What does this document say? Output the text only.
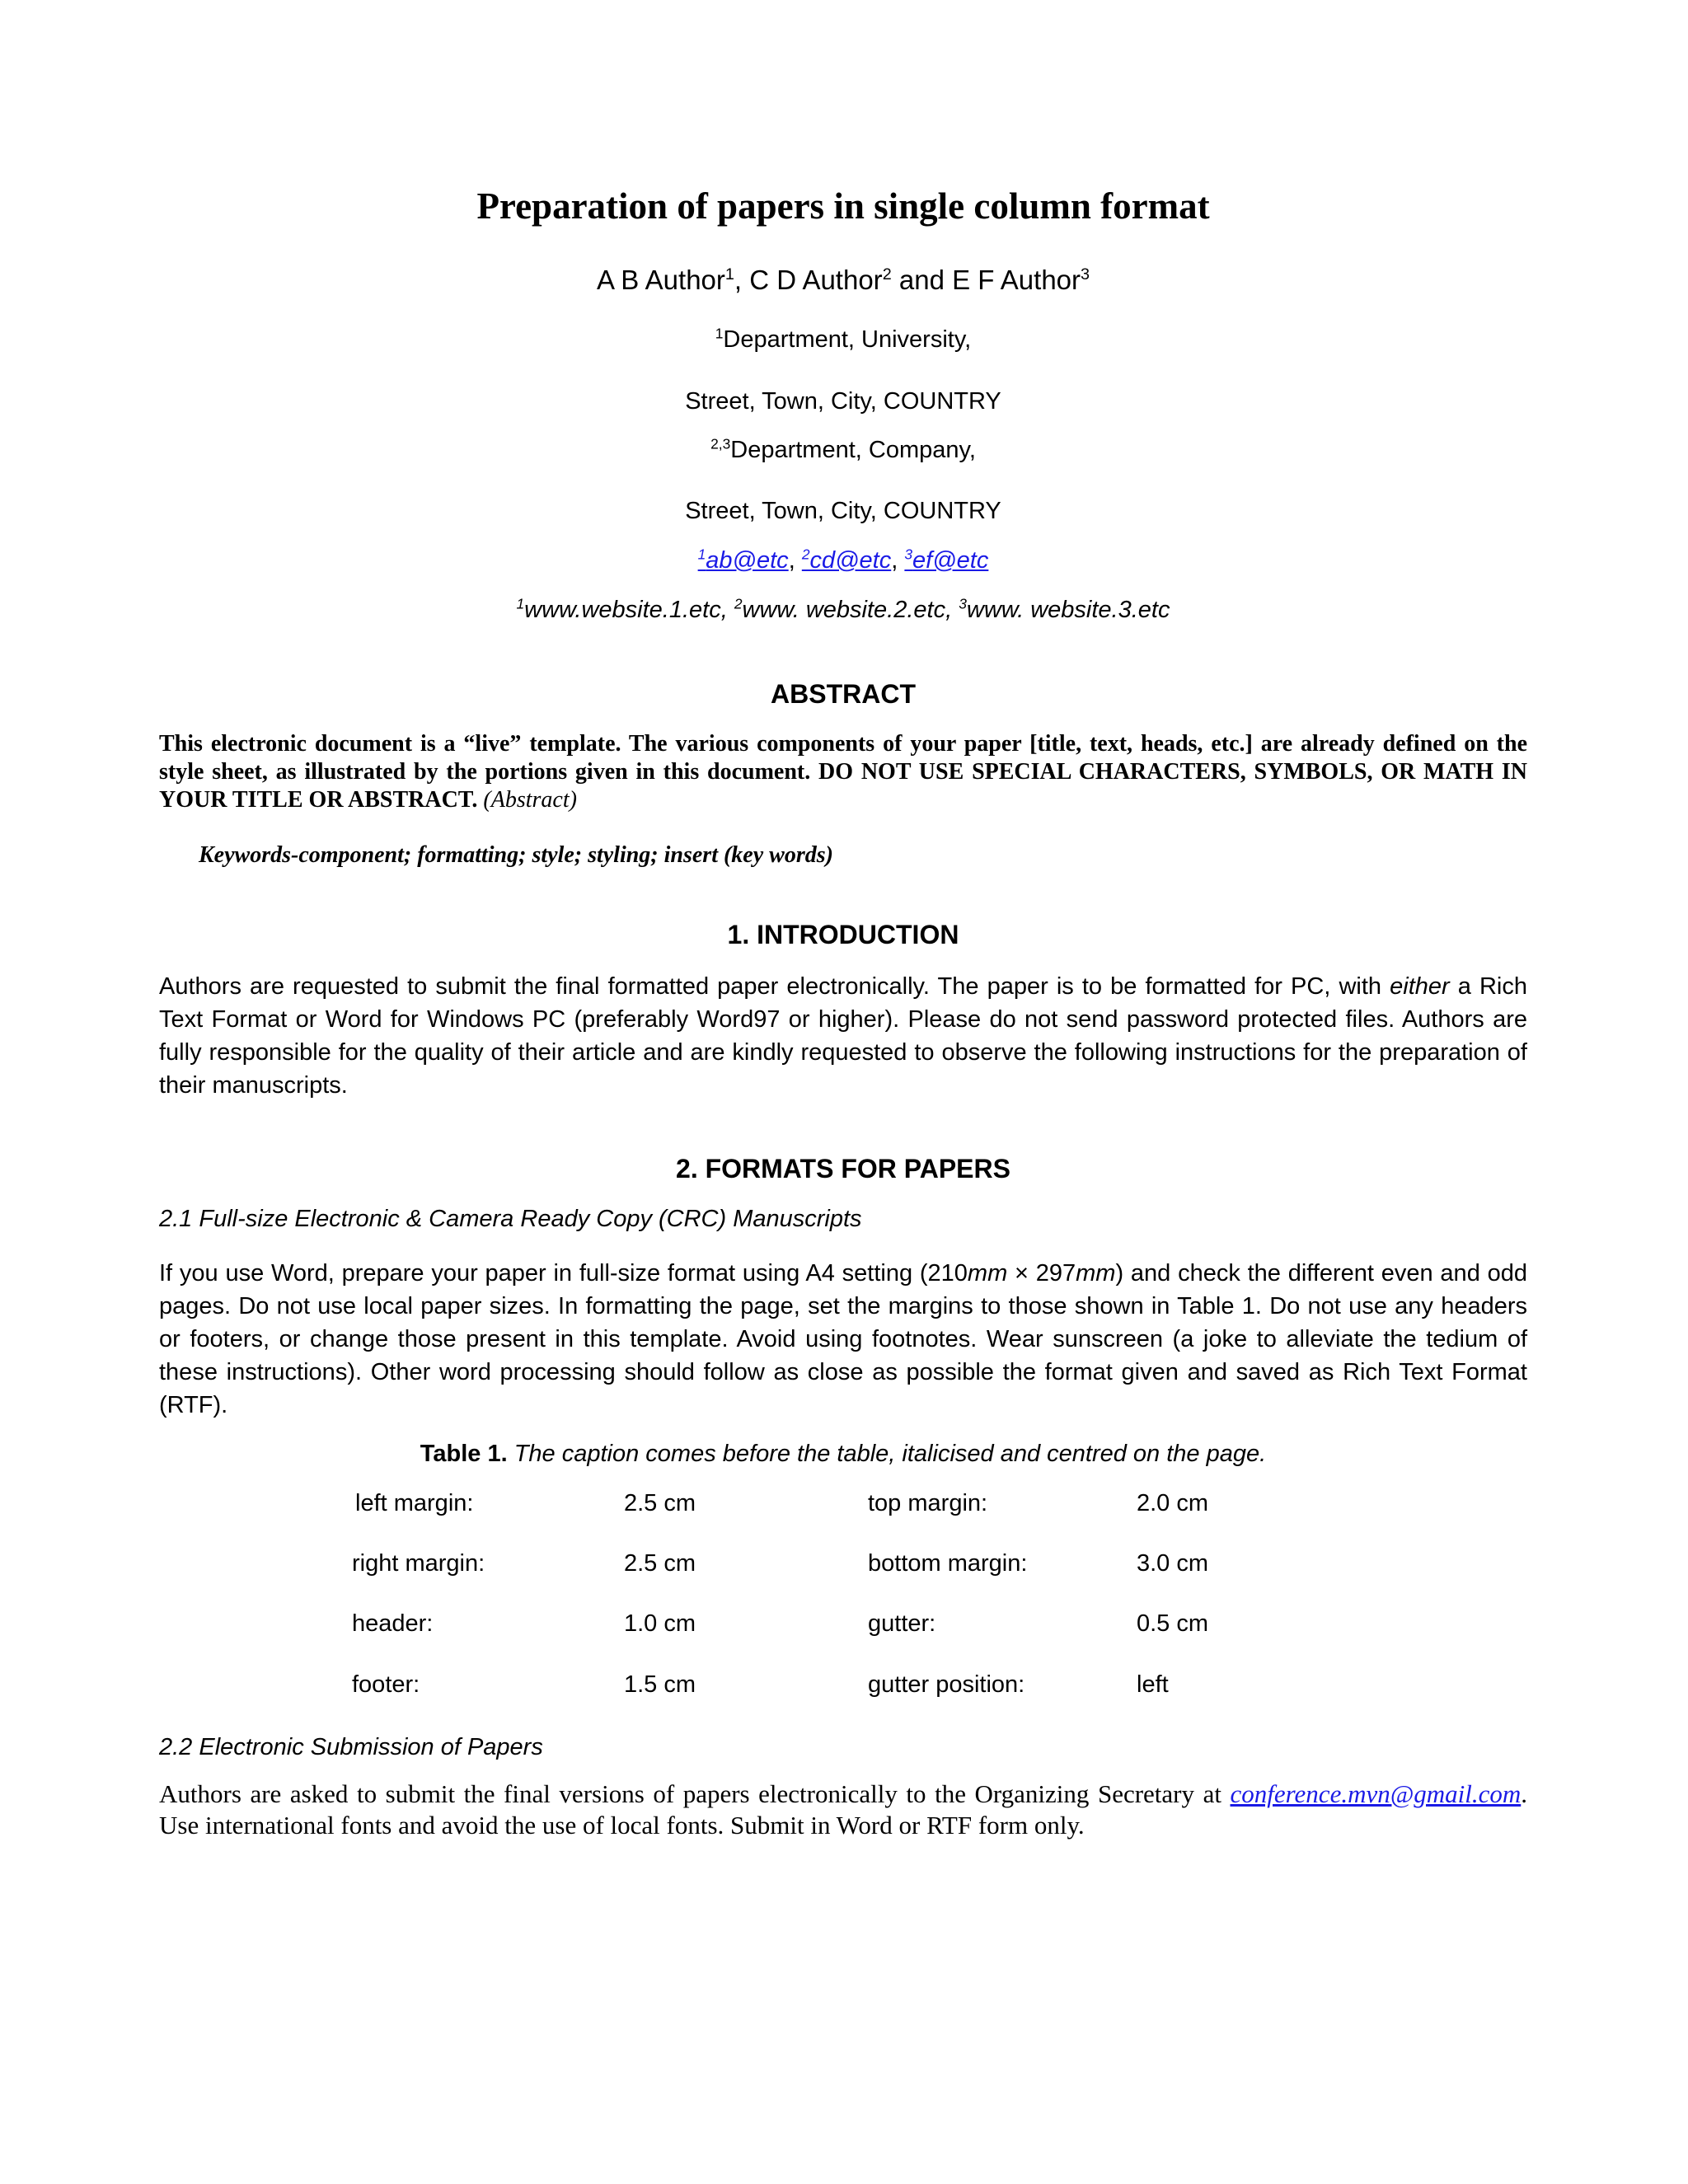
Preparation of papers in single column format
A B Author$^1$, C D Author$^2$ and E F Author$^3$
$^1$Department, University,
Street, Town, City, COUNTRY
$^{2,3}$Department, Company,
Street, Town, City, COUNTRY
$^1$ab@etc, $^2$cd@etc, $^3$ef@etc
$^1$www.website.1.etc, $^2$www. website.2.etc, $^3$www. website.3.etc
ABSTRACT
This electronic document is a “live” template. The various components of your paper [title, text, heads, etc.] are already defined on the style sheet, as illustrated by the portions given in this document. DO NOT USE SPECIAL CHARACTERS, SYMBOLS, OR MATH IN YOUR TITLE OR ABSTRACT. (Abstract)
Keywords-component; formatting; style; styling; insert (key words)
1. INTRODUCTION
Authors are requested to submit the final formatted paper electronically. The paper is to be formatted for PC, with either a Rich Text Format or Word for Windows PC (preferably Word97 or higher). Please do not send password protected files. Authors are fully responsible for the quality of their article and are kindly requested to observe the following instructions for the preparation of their manuscripts.
2. FORMATS FOR PAPERS
2.1 Full-size Electronic & Camera Ready Copy (CRC) Manuscripts
If you use Word, prepare your paper in full-size format using A4 setting (210mm × 297mm) and check the different even and odd pages. Do not use local paper sizes. In formatting the page, set the margins to those shown in Table 1. Do not use any headers or footers, or change those present in this template. Avoid using footnotes. Wear sunscreen (a joke to alleviate the tedium of these instructions). Other word processing should follow as close as possible the format given and saved as Rich Text Format (RTF).
Table 1. The caption comes before the table, italicised and centred on the page.
left margin:	2.5 cm	top margin:	2.0 cm
right margin:	2.5 cm	bottom margin:	3.0 cm
header:	1.0 cm	gutter:	0.5 cm
footer:	1.5 cm	gutter position:	left
2.2 Electronic Submission of Papers
Authors are asked to submit the final versions of papers electronically to the Organizing Secretary at conference.mvn@gmail.com. Use international fonts and avoid the use of local fonts. Submit in Word or RTF form only.
